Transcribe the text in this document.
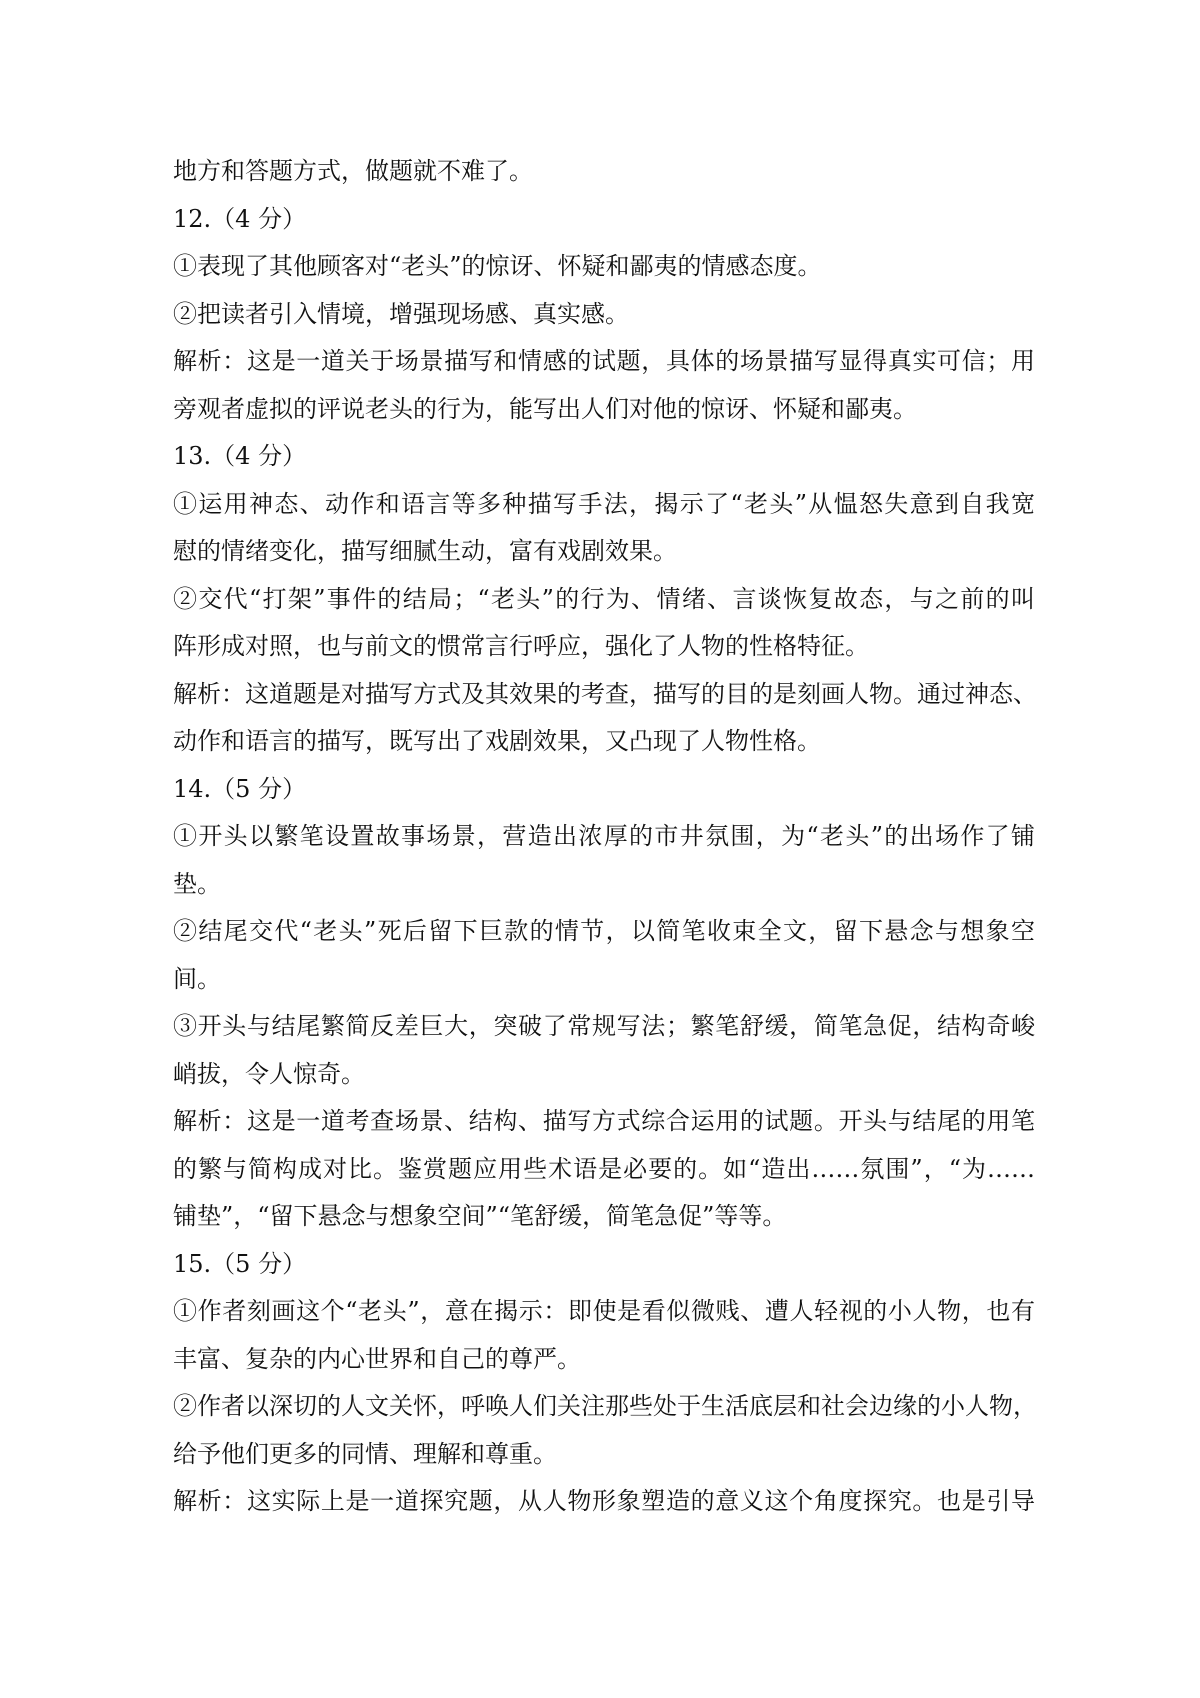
地方和答题方式，做题就不难了。
12.（4 分）
①表现了其他顾客对“老头”的惊讶、怀疑和鄙夷的情感态度。
②把读者引入情境，增强现场感、真实感。
解析：这是一道关于场景描写和情感的试题，具体的场景描写显得真实可信；用
旁观者虚拟的评说老头的行为，能写出人们对他的惊讶、怀疑和鄙夷。
13.（4 分）
①运用神态、动作和语言等多种描写手法，揭示了“老头”从愠怒失意到自我宽
慰的情绪变化，描写细腻生动，富有戏剧效果。
②交代“打架”事件的结局；“老头”的行为、情绪、言谈恢复故态，与之前的叫
阵形成对照，也与前文的惯常言行呼应，强化了人物的性格特征。
解析：这道题是对描写方式及其效果的考查，描写的目的是刻画人物。通过神态、
动作和语言的描写，既写出了戏剧效果，又凸现了人物性格。
14.（5 分）
①开头以繁笔设置故事场景，营造出浓厚的市井氛围，为“老头”的出场作了铺
垫。
②结尾交代“老头”死后留下巨款的情节，以简笔收束全文，留下悬念与想象空
间。
③开头与结尾繁简反差巨大，突破了常规写法；繁笔舒缓，简笔急促，结构奇峻
峭拔，令人惊奇。
解析：这是一道考查场景、结构、描写方式综合运用的试题。开头与结尾的用笔
的繁与简构成对比。鉴赏题应用些术语是必要的。如“造出……氛围”，“为……
铺垫”，“留下悬念与想象空间”“笔舒缓，简笔急促”等等。
15.（5 分）
①作者刻画这个“老头”，意在揭示：即使是看似微贱、遭人轻视的小人物，也有
丰富、复杂的内心世界和自己的尊严。
②作者以深切的人文关怀，呼唤人们关注那些处于生活底层和社会边缘的小人物，
给予他们更多的同情、理解和尊重。
解析：这实际上是一道探究题，从人物形象塑造的意义这个角度探究。也是引导
